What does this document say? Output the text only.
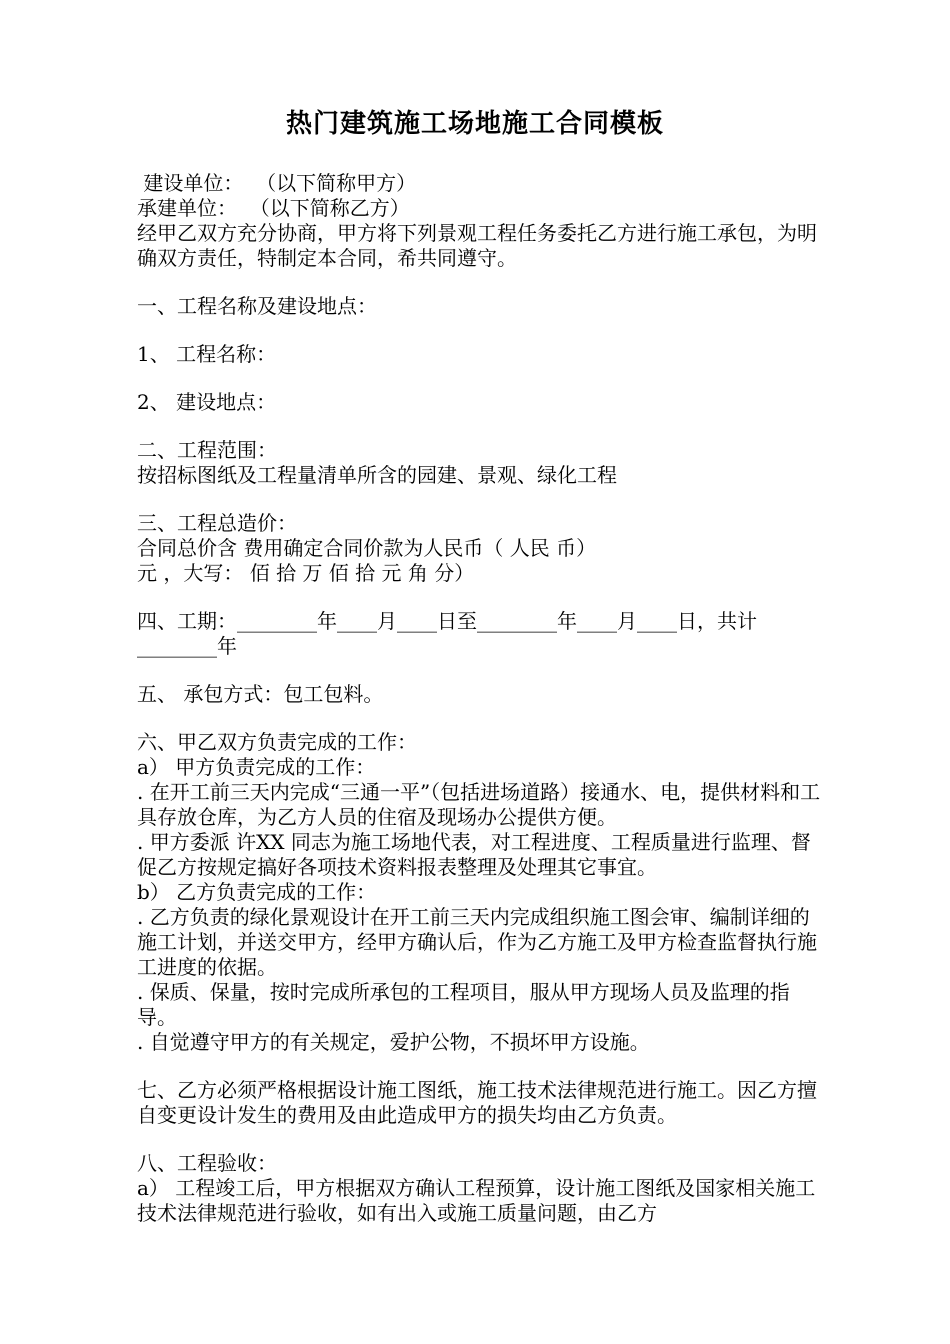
热门建筑施工场地施工合同模板

建设单位：  （以下简称甲方）

承建单位：  （以下简称乙方）

经甲乙双方充分协商，甲方将下列景观工程任务委托乙方进行施工承包，为明确双方责任，特制定本合同，希共同遵守。

一、工程名称及建设地点：

1、 工程名称：

2、 建设地点：

二、工程范围：

按招标图纸及工程量清单所含的园建、景观、绿化工程

三、工程总造价：

合同总价含 费用确定合同价款为人民币（ 人民 币）

元 ，大写： 佰 拾 万 佰 拾 元 角 分）

四、工期：________年____月____日至________年____月____日，共计________年

五、 承包方式：包工包料。

六、甲乙双方负责完成的工作：

a） 甲方负责完成的工作：

. 在开工前三天内完成“三通一平”（包括进场道路）接通水、电，提供材料和工具存放仓库，为乙方人员的住宿及现场办公提供方便。

. 甲方委派 许XX 同志为施工场地代表，对工程进度、工程质量进行监理、督促乙方按规定搞好各项技术资料报表整理及处理其它事宜。

b） 乙方负责完成的工作：

. 乙方负责的绿化景观设计在开工前三天内完成组织施工图会审、编制详细的施工计划，并送交甲方，经甲方确认后，作为乙方施工及甲方检查监督执行施工进度的依据。

. 保质、保量，按时完成所承包的工程项目，服从甲方现场人员及监理的指导。

. 自觉遵守甲方的有关规定，爱护公物，不损坏甲方设施。

七、乙方必须严格根据设计施工图纸，施工技术法律规范进行施工。因乙方擅自变更设计发生的费用及由此造成甲方的损失均由乙方负责。

八、工程验收：

a） 工程竣工后，甲方根据双方确认工程预算，设计施工图纸及国家相关施工技术法律规范进行验收，如有出入或施工质量问题，由乙方
